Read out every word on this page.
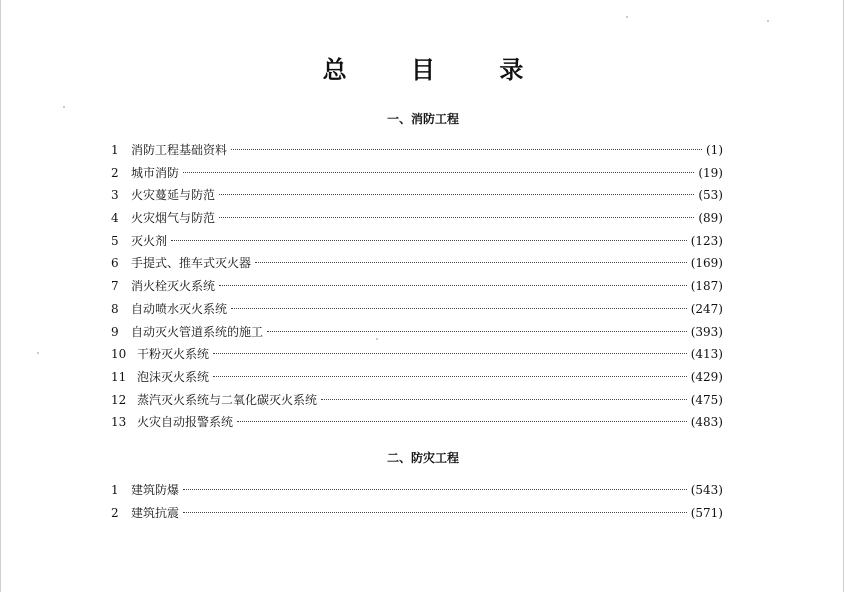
总 目 录
一、消防工程
1	消防工程基础资料	(1)
2	城市消防	(19)
3	火灾蔓延与防范	(53)
4	火灾烟气与防范	(89)
5	灭火剂	(123)
6	手提式、推车式灭火器	(169)
7	消火栓灭火系统	(187)
8	自动喷水灭火系统	(247)
9	自动灭火管道系统的施工	(393)
10 干粉灭火系统	(413)
11 泡沫灭火系统	(429)
12 蒸汽灭火系统与二氧化碳灭火系统	(475)
13 火灾自动报警系统	(483)
二、防灾工程
1	建筑防爆	(543)
2	建筑抗震	(571)
